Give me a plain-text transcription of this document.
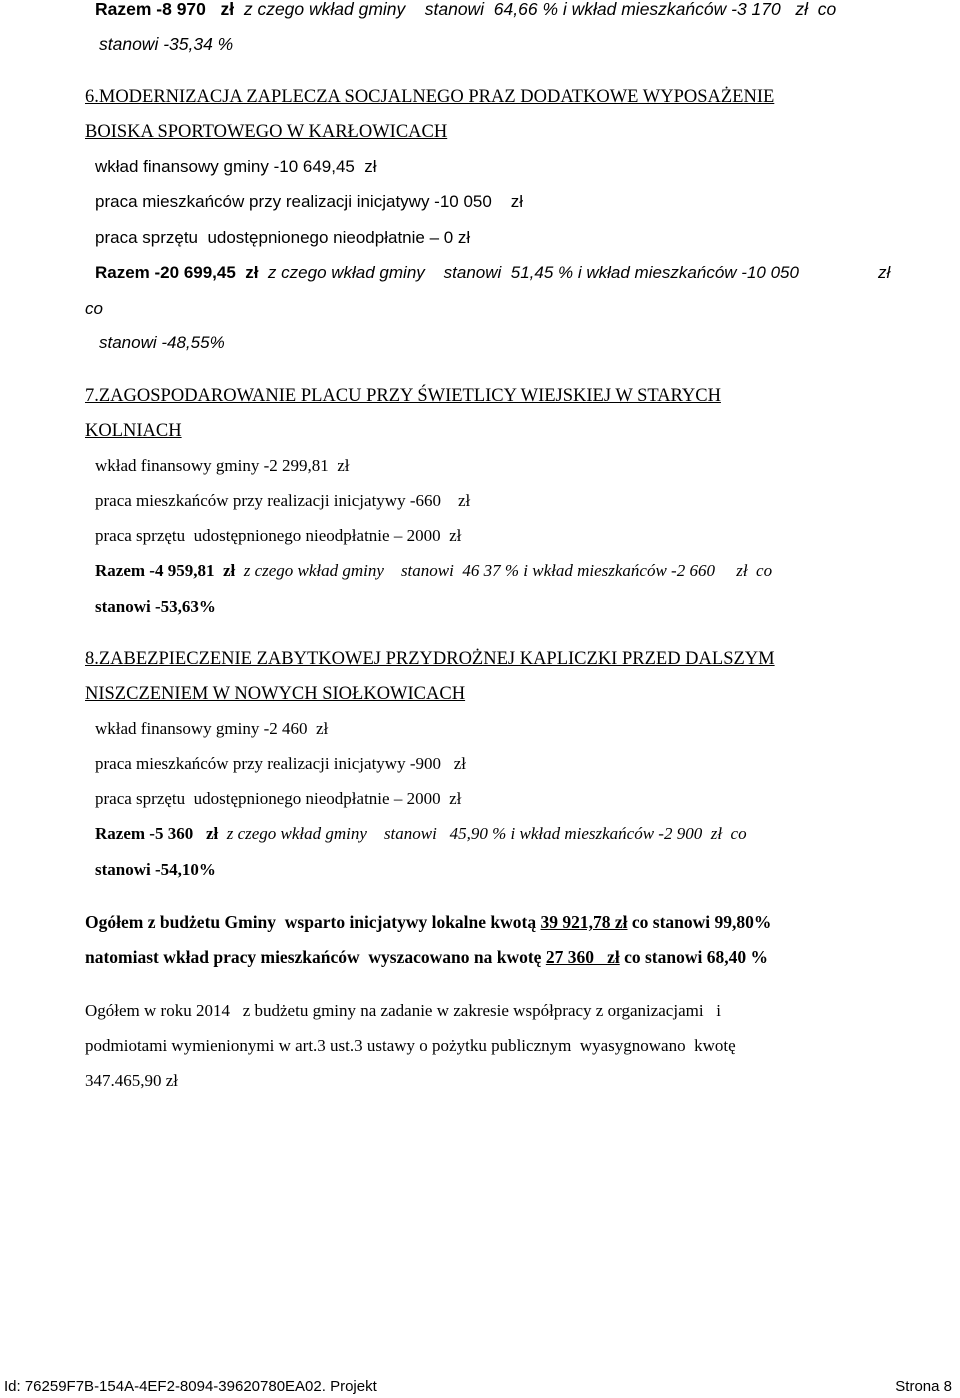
Razem -8 970   zł  z czego wkład gminy    stanowi  64,66 % i wkład mieszkańców -3 170   zł  co
stanowi -35,34 %
6.MODERNIZACJA ZAPLECZA SOCJALNEGO PRAZ DODATKOWE WYPOSAŻENIE
BOISKA SPORTOWEGO W KARŁOWICACH
wkład finansowy gminy -10 649,45  zł
praca mieszkańców przy realizacji inicjatywy -10 050    zł
praca sprzętu  udostępnionego nieodpłatnie – 0 zł
Razem -20 699,45  zł  z czego wkład gminy    stanowi  51,45 % i wkład mieszkańców -10 050	zł
co
stanowi -48,55%
7.ZAGOSPODAROWANIE PLACU PRZY ŚWIETLICY WIEJSKIEJ W STARYCH
KOLNIACH
wkład finansowy gminy -2 299,81  zł
praca mieszkańców przy realizacji inicjatywy -660    zł
praca sprzętu  udostępnionego nieodpłatnie – 2000  zł
Razem -4 959,81  zł  z czego wkład gminy    stanowi  46 37 % i wkład mieszkańców -2 660     zł  co
stanowi -53,63%
8.ZABEZPIECZENIE ZABYTKOWEJ PRZYDROŻNEJ KAPLICZKI PRZED DALSZYM
NISZCZENIEM W NOWYCH SIOŁKOWICACH
wkład finansowy gminy -2 460  zł
praca mieszkańców przy realizacji inicjatywy -900   zł
praca sprzętu  udostępnionego nieodpłatnie – 2000  zł
Razem -5 360   zł  z czego wkład gminy    stanowi   45,90 % i wkład mieszkańców -2 900  zł  co
stanowi -54,10%
Ogółem z budżetu Gminy  wsparto inicjatywy lokalne kwotą 39 921,78 zł co stanowi 99,80%
natomiast wkład pracy mieszkańców  wyszacowano na kwotę 27 360   zł co stanowi 68,40 %
Ogółem w roku 2014   z budżetu gminy na zadanie w zakresie współpracy z organizacjami   i
podmiotami wymienionymi w art.3 ust.3 ustawy o pożytku publicznym  wyasygnowano  kwotę
347.465,90 zł
Id: 76259F7B-154A-4EF2-8094-39620780EA02. Projekt	Strona 8
